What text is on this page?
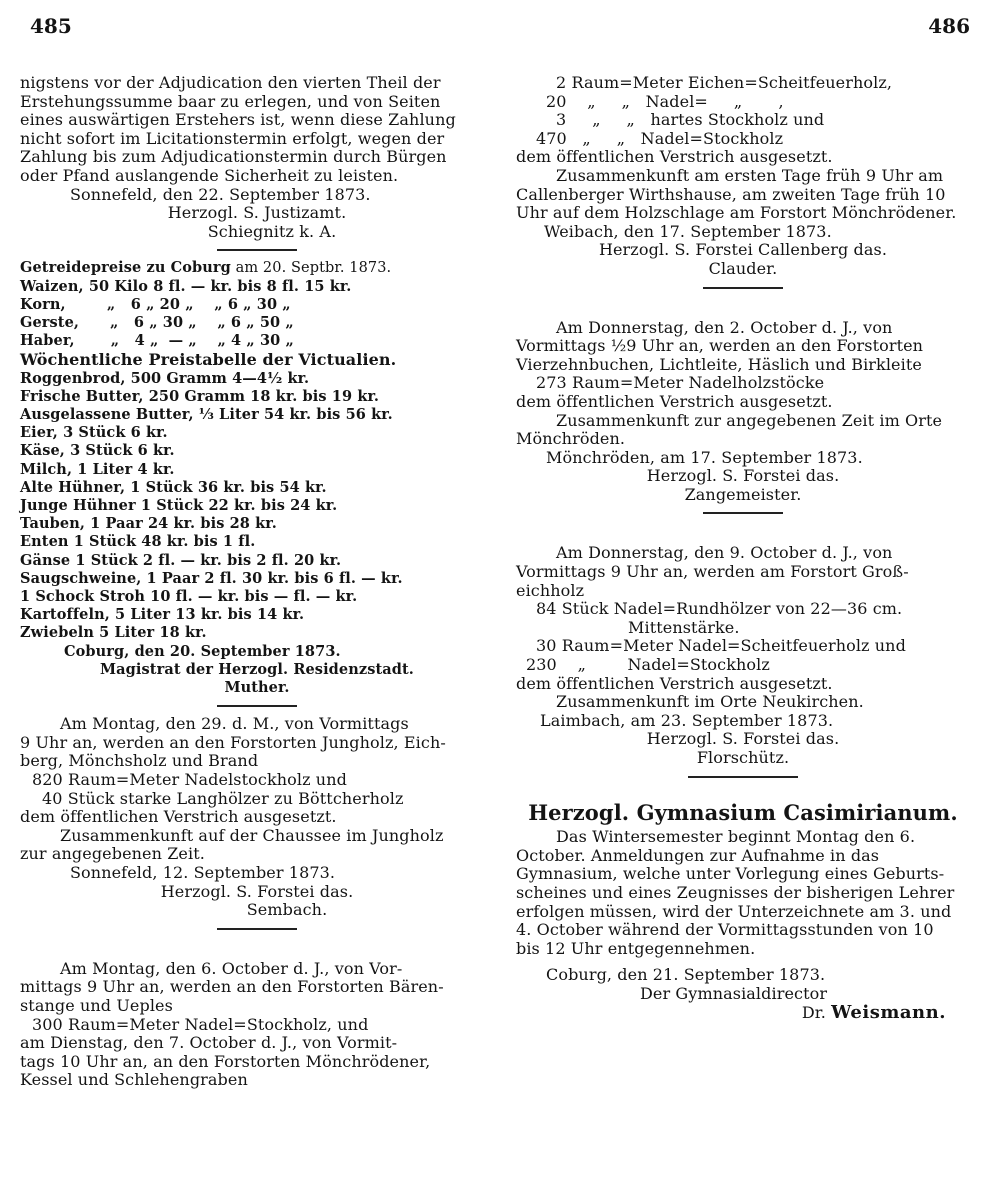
485	486
nigstens vor der Adjudication den vierten Theil der
Erstehungssumme baar zu erlegen, und von Seiten
eines auswärtigen Erstehers ist, wenn diese Zahlung
nicht sofort im Licitationstermin erfolgt, wegen der
Zahlung bis zum Adjudicationstermin durch Bürgen
oder Pfand auslangende Sicherheit zu leisten.
Sonnefeld, den 22. September 1873.
Herzogl. S. Justizamt.
Schiegnitz k. A.
Getreidepreise zu Coburg am 20. Septbr. 1873.
Waizen, 50 Kilo 8 fl. — kr. bis 8 fl. 15 kr.
Korn,        „   6 „ 20 „    „ 6 „ 30 „
Gerste,      „   6 „ 30 „    „ 6 „ 50 „
Haber,       „   4 „  — „    „ 4 „ 30 „
Wöchentliche Preistabelle der Victualien.
Roggenbrod, 500 Gramm 4—4½ kr.
Frische Butter, 250 Gramm 18 kr. bis 19 kr.
Ausgelassene Butter, ⅓ Liter 54 kr. bis 56 kr.
Eier, 3 Stück 6 kr.
Käse, 3 Stück 6 kr.
Milch, 1 Liter 4 kr.
Alte Hühner, 1 Stück 36 kr. bis 54 kr.
Junge Hühner 1 Stück 22 kr. bis 24 kr.
Tauben, 1 Paar 24 kr. bis 28 kr.
Enten 1 Stück 48 kr. bis 1 fl.
Gänse 1 Stück 2 fl. — kr. bis 2 fl. 20 kr.
Saugschweine, 1 Paar 2 fl. 30 kr. bis 6 fl. — kr.
1 Schock Stroh 10 fl. — kr. bis — fl. — kr.
Kartoffeln, 5 Liter 13 kr. bis 14 kr.
Zwiebeln 5 Liter 18 kr.
Coburg, den 20. September 1873.
Magistrat der Herzogl. Residenzstadt.
Muther.
Am Montag, den 29. d. M., von Vormittags
9 Uhr an, werden an den Forstorten Jungholz, Eich-
berg, Mönchsholz und Brand
820 Raum=Meter Nadelstockholz und
40 Stück starke Langhölzer zu Böttcherholz
dem öffentlichen Verstrich ausgesetzt.
Zusammenkunft auf der Chaussee im Jungholz
zur angegebenen Zeit.
Sonnefeld, 12. September 1873.
Herzogl. S. Forstei das.
Sembach.
Am Montag, den 6. October d. J., von Vor-
mittags 9 Uhr an, werden an den Forstorten Bären-
stange und Ueples
300 Raum=Meter Nadel=Stockholz, und
am Dienstag, den 7. October d. J., von Vormit-
tags 10 Uhr an, an den Forstorten Mönchrödener,
Kessel und Schlehengraben
2 Raum=Meter Eichen=Scheitfeuerholz,
20    „     „   Nadel=     „       ,
3     „     „   hartes Stockholz und
470   „     „   Nadel=Stockholz
dem öffentlichen Verstrich ausgesetzt.
Zusammenkunft am ersten Tage früh 9 Uhr am
Callenberger Wirthshause, am zweiten Tage früh 10
Uhr auf dem Holzschlage am Forstort Mönchrödener.
Weibach, den 17. September 1873.
Herzogl. S. Forstei Callenberg das.
Clauder.
Am Donnerstag, den 2. October d. J., von
Vormittags ½9 Uhr an, werden an den Forstorten
Vierzehnbuchen, Lichtleite, Häslich und Birkleite
273 Raum=Meter Nadelholzstöcke
dem öffentlichen Verstrich ausgesetzt.
Zusammenkunft zur angegebenen Zeit im Orte
Mönchröden.
Mönchröden, am 17. September 1873.
Herzogl. S. Forstei das.
Zangemeister.
Am Donnerstag, den 9. October d. J., von
Vormittags 9 Uhr an, werden am Forstort Groß-
eichholz
84 Stück Nadel=Rundhölzer von 22—36 cm.
Mittenstärke.
30 Raum=Meter Nadel=Scheitfeuerholz und
230    „        Nadel=Stockholz
dem öffentlichen Verstrich ausgesetzt.
Zusammenkunft im Orte Neukirchen.
Laimbach, am 23. September 1873.
Herzogl. S. Forstei das.
Florschütz.
Herzogl. Gymnasium Casimirianum.
Das Wintersemester beginnt Montag den 6.
October. Anmeldungen zur Aufnahme in das
Gymnasium, welche unter Vorlegung eines Geburts-
scheines und eines Zeugnisses der bisherigen Lehrer
erfolgen müssen, wird der Unterzeichnete am 3. und
4. October während der Vormittagsstunden von 10
bis 12 Uhr entgegennehmen.
Coburg, den 21. September 1873.
Der Gymnasialdirector
Dr. Weismann.
